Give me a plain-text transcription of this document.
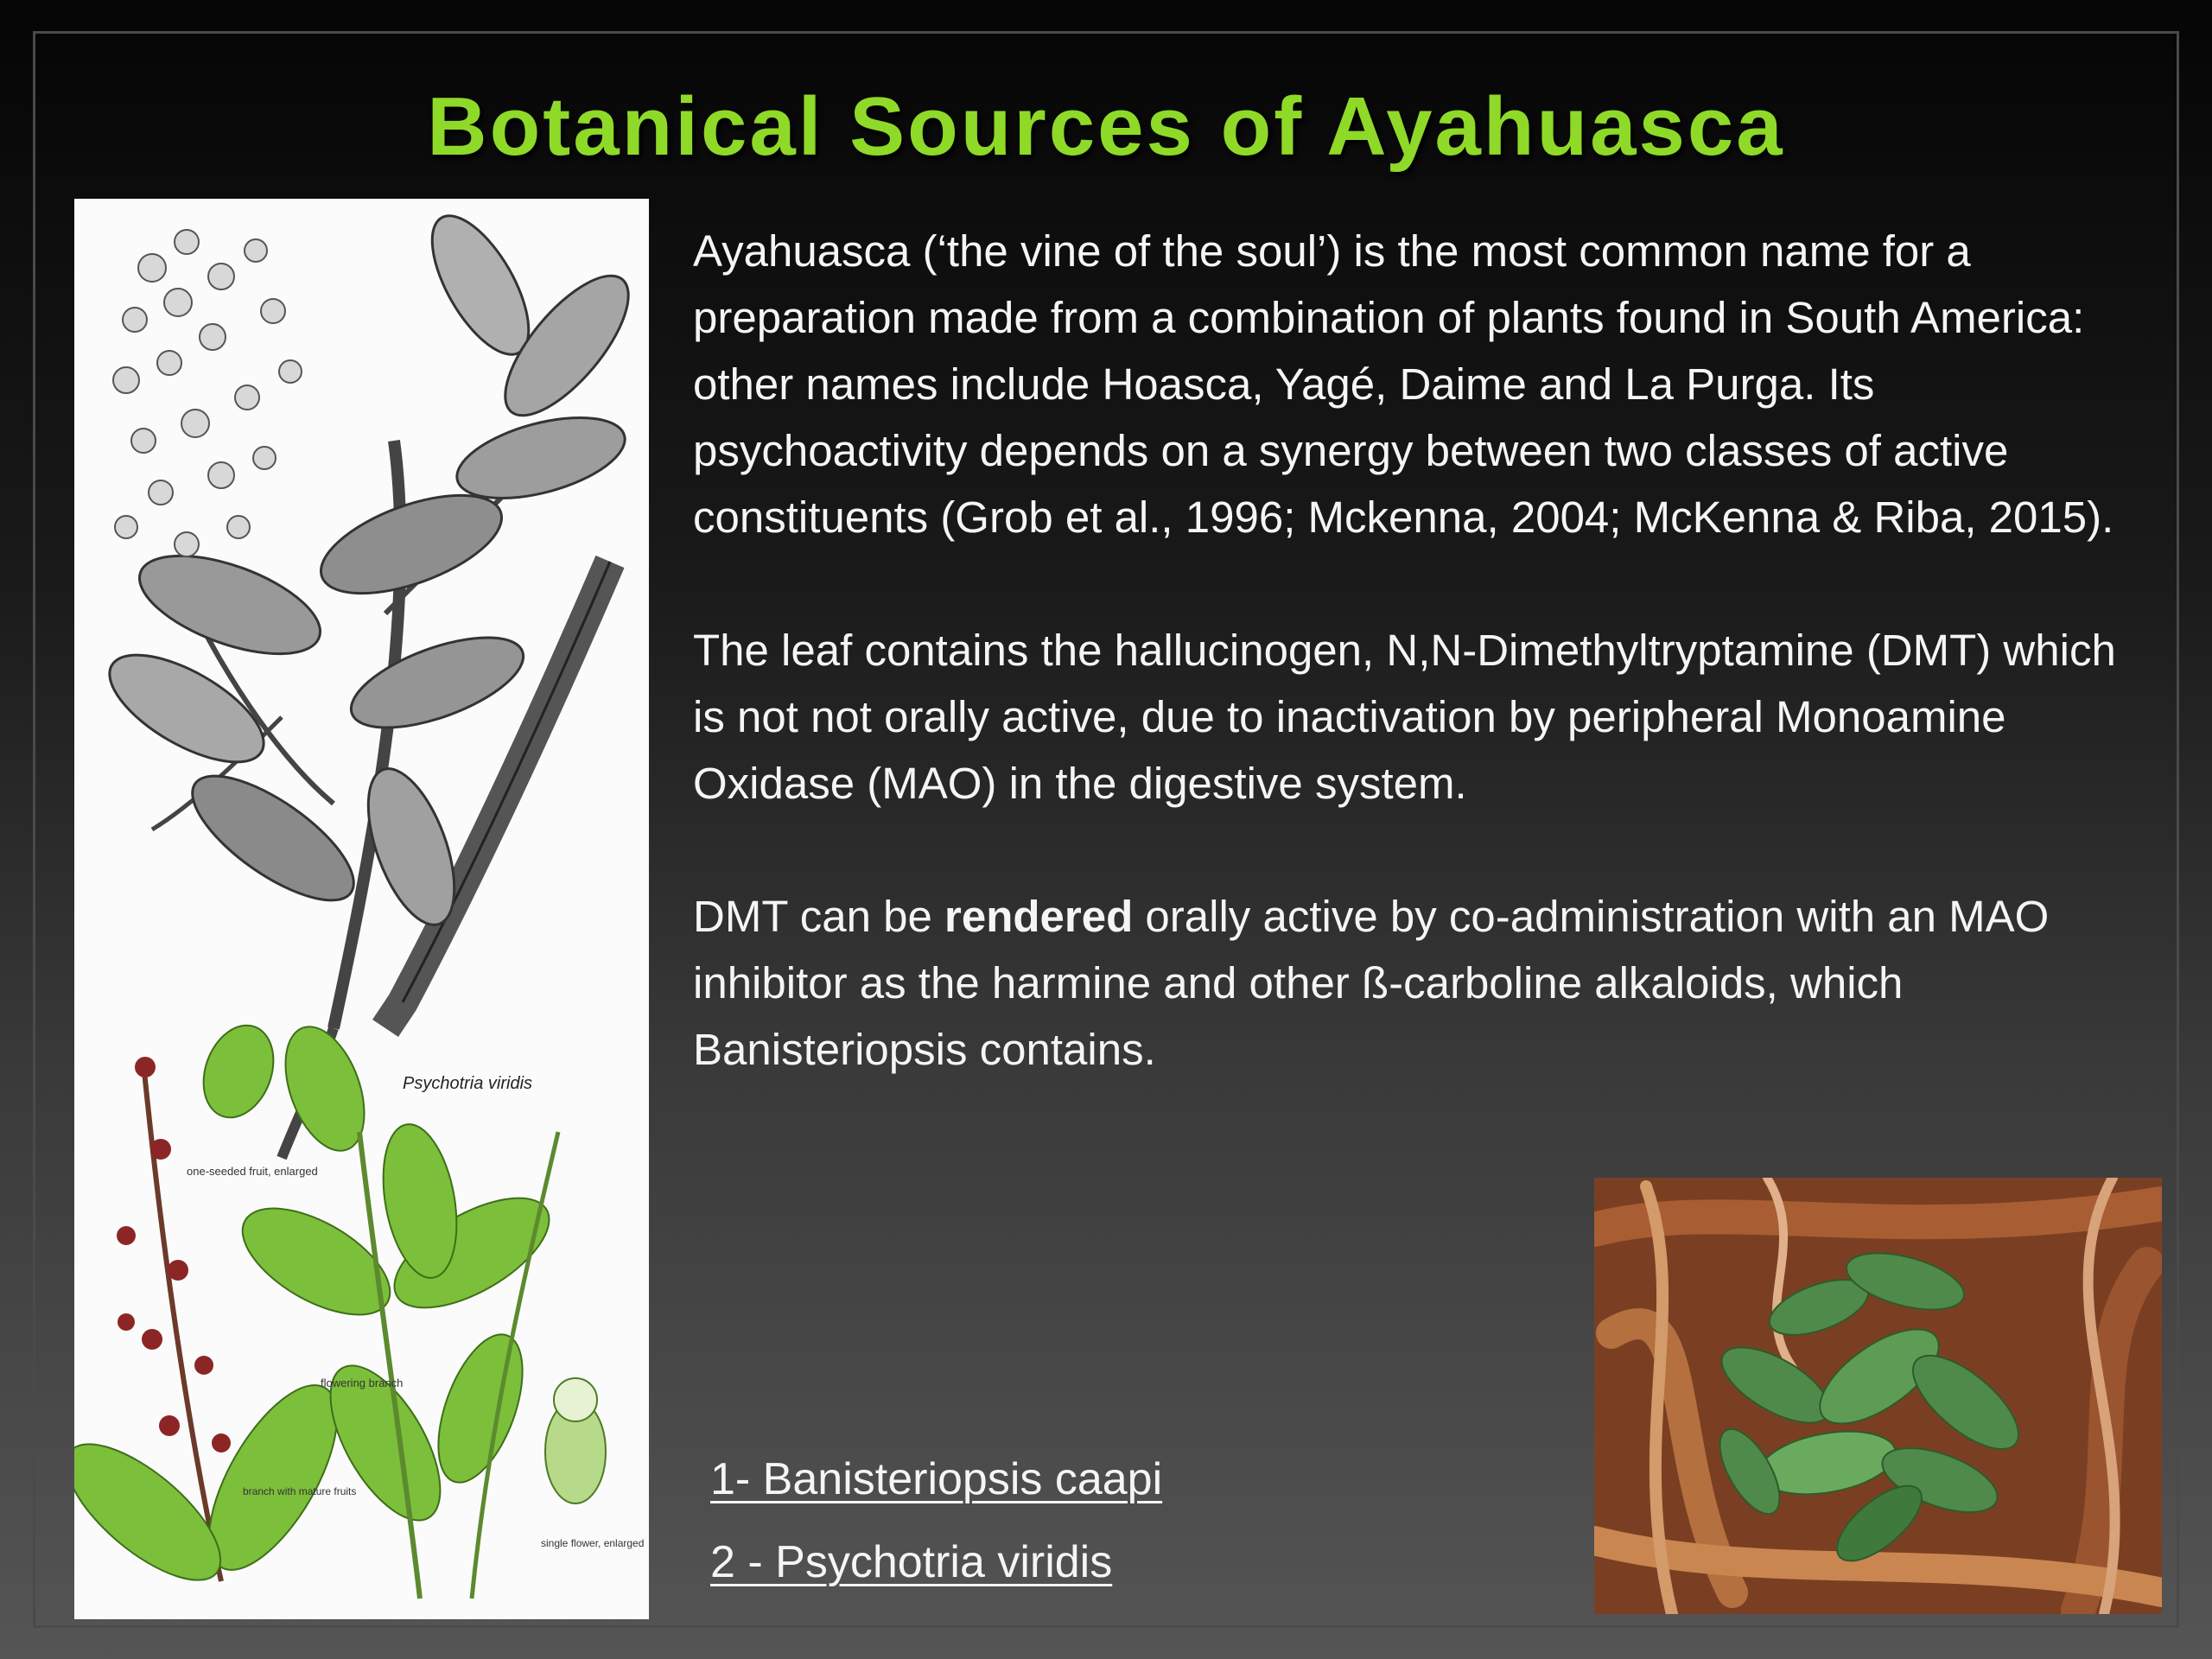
Botanical Sources of Ayahuasca
Psychotria viridis
one-seeded fruit, enlarged
flowering branch
branch with mature fruits
single flower, enlarged

Ayahuasca (‘the vine of the soul’) is the most common name for a preparation made from a combination of plants found in South America: other names include Hoasca, Yagé, Daime and La Purga. Its psychoactivity depends on a synergy between two classes of active constituents (Grob et al., 1996; Mckenna, 2004; McKenna & Riba, 2015).

The leaf contains the hallucinogen, N,N-Dimethyltryptamine (DMT) which is not not orally active, due to inactivation by peripheral Monoamine Oxidase (MAO) in the digestive system.

DMT can be rendered orally active by co-administration with an MAO inhibitor as the harmine and other ß-carboline alkaloids, which Banisteriopsis contains.

1- Banisteriopsis caapi
2 - Psychotria viridis
